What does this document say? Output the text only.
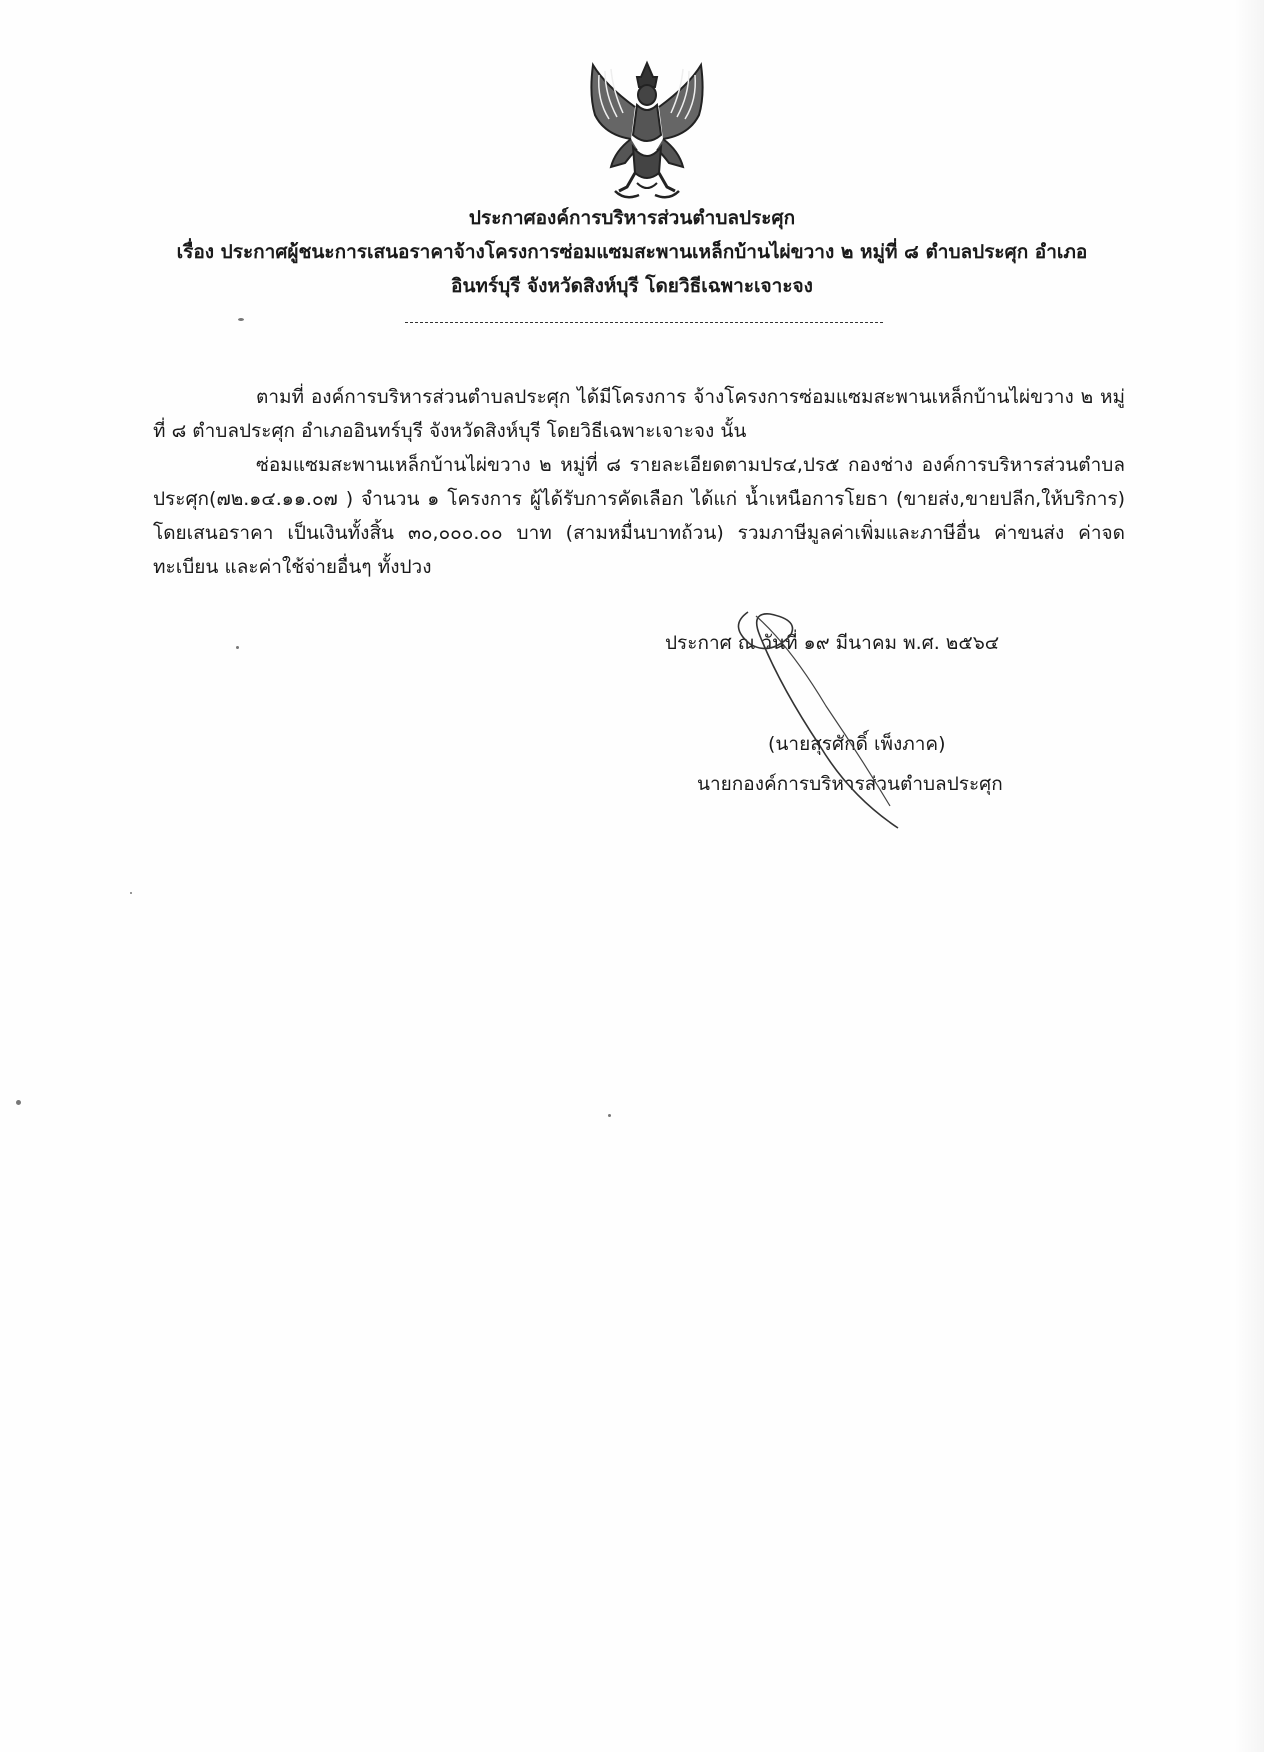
ประกาศองค์การบริหารส่วนตำบลประศุก

เรื่อง ประกาศผู้ชนะการเสนอราคาจ้างโครงการซ่อมแซมสะพานเหล็กบ้านไผ่ขวาง ๒ หมู่ที่ ๘ ตำบลประศุก อำเภอ

อินทร์บุรี จังหวัดสิงห์บุรี โดยวิธีเฉพาะเจาะจง

ตามที่ องค์การบริหารส่วนตำบลประศุก ได้มีโครงการ จ้างโครงการซ่อมแซมสะพานเหล็กบ้านไผ่ขวาง ๒ หมู่ที่ ๘ ตำบลประศุก อำเภออินทร์บุรี จังหวัดสิงห์บุรี โดยวิธีเฉพาะเจาะจง นั้น

ซ่อมแซมสะพานเหล็กบ้านไผ่ขวาง ๒ หมู่ที่ ๘ รายละเอียดตามปร๔,ปร๕ กองช่าง องค์การบริหารส่วนตำบลประศุก(๗๒.๑๔.๑๑.๐๗ ) จำนวน ๑ โครงการ ผู้ได้รับการคัดเลือก ได้แก่ น้ำเหนือการโยธา (ขายส่ง,ขายปลีก,ให้บริการ) โดยเสนอราคา เป็นเงินทั้งสิ้น ๓๐,๐๐๐.๐๐ บาท (สามหมื่นบาทถ้วน) รวมภาษีมูลค่าเพิ่มและภาษีอื่น ค่าขนส่ง ค่าจดทะเบียน และค่าใช้จ่ายอื่นๆ ทั้งปวง

ประกาศ ณ วันที่ ๑๙ มีนาคม พ.ศ. ๒๕๖๔

(นายสุรศักดิ์ เพ็งภาค)

นายกองค์การบริหารส่วนตำบลประศุก
